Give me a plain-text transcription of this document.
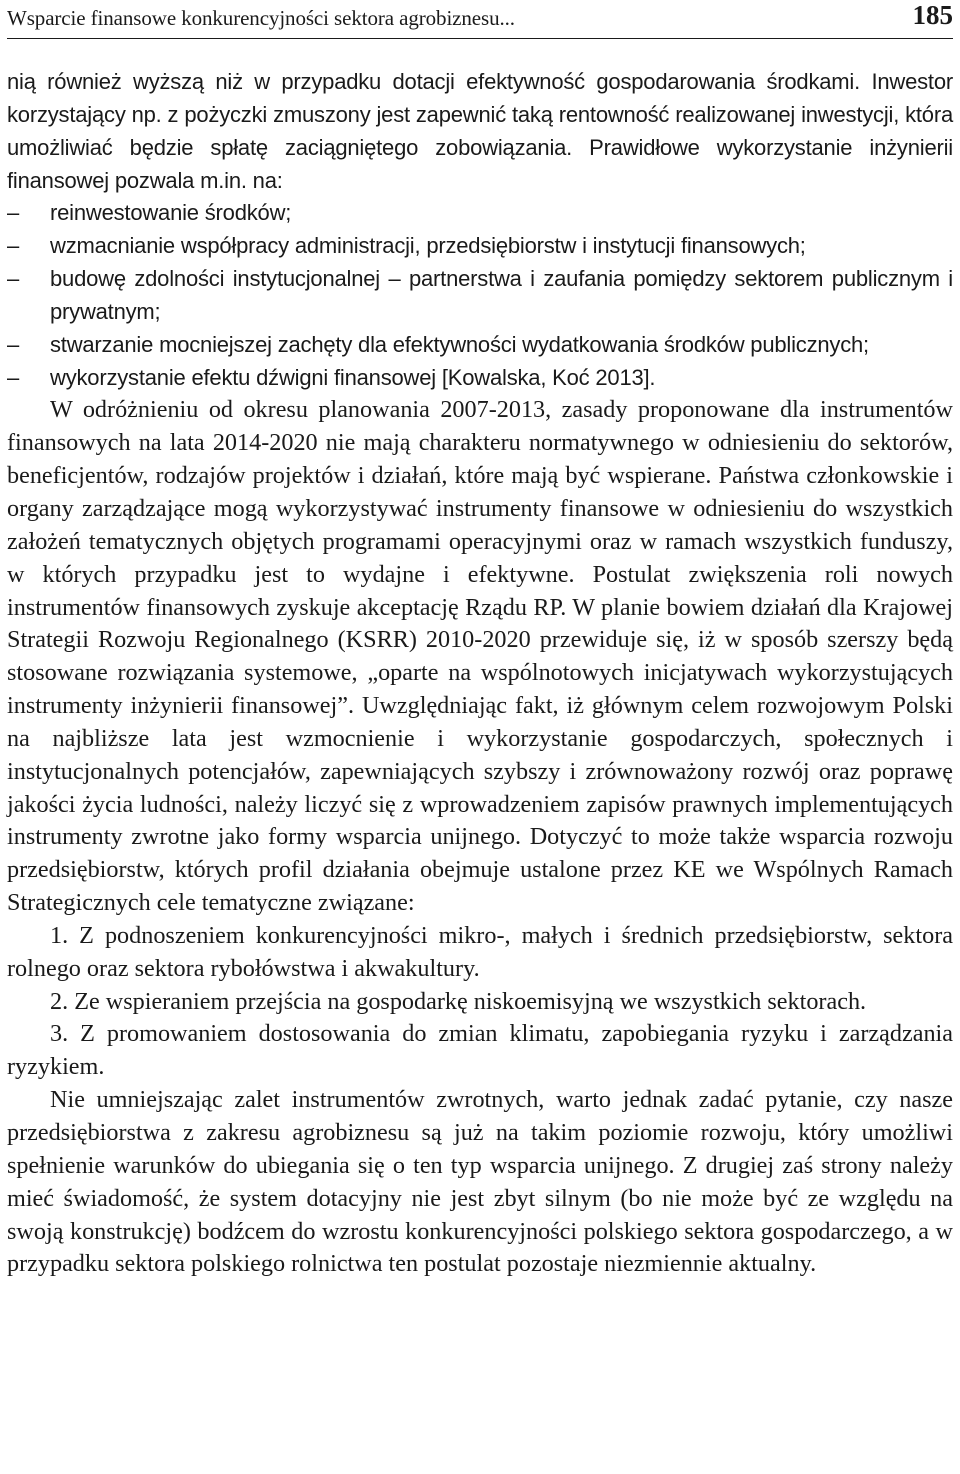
Wsparcie finansowe konkurencyjności sektora agrobiznesu...	185

nią również wyższą niż w przypadku dotacji efektywność gospodarowania środkami. Inwestor korzystający np. z pożyczki zmuszony jest zapewnić taką rentowność realizowanej inwestycji, która umożliwiać będzie spłatę zaciągniętego zobowiązania. Prawidłowe wykorzystanie inżynierii finansowej pozwala m.in. na:

–	reinwestowanie środków;
–	wzmacnianie współpracy administracji, przedsiębiorstw i instytucji finansowych;
–	budowę zdolności instytucjonalnej – partnerstwa i zaufania pomiędzy sektorem publicznym i prywatnym;
–	stwarzanie mocniejszej zachęty dla efektywności wydatkowania środków publicznych;
–	wykorzystanie efektu dźwigni finansowej [Kowalska, Koć 2013].

W odróżnieniu od okresu planowania 2007-2013, zasady proponowane dla instrumentów finansowych na lata 2014-2020 nie mają charakteru normatywnego w odniesieniu do sektorów, beneficjentów, rodzajów projektów i działań, które mają być wspierane. Państwa członkowskie i organy zarządzające mogą wykorzystywać instrumenty finansowe w odniesieniu do wszystkich założeń tematycznych objętych programami operacyjnymi oraz w ramach wszystkich funduszy, w których przypadku jest to wydajne i efektywne. Postulat zwiększenia roli nowych instrumentów finansowych zyskuje akceptację Rządu RP. W planie bowiem działań dla Krajowej Strategii Rozwoju Regionalnego (KSRR) 2010-2020 przewiduje się, iż w sposób szerszy będą stosowane rozwiązania systemowe, „oparte na wspólnotowych inicjatywach wykorzystujących instrumenty inżynierii finansowej”. Uwzględniając fakt, iż głównym celem rozwojowym Polski na najbliższe lata jest wzmocnienie i wykorzystanie gospodarczych, społecznych i instytucjonalnych potencjałów, zapewniających szybszy i zrównoważony rozwój oraz poprawę jakości życia ludności, należy liczyć się z wprowadzeniem zapisów prawnych implementujących instrumenty zwrotne jako formy wsparcia unijnego. Dotyczyć to może także wsparcia rozwoju przedsiębiorstw, których profil działania obejmuje ustalone przez KE we Wspólnych Ramach Strategicznych cele tematyczne związane:

1. Z podnoszeniem konkurencyjności mikro-, małych i średnich przedsiębiorstw, sektora rolnego oraz sektora rybołówstwa i akwakultury.

2. Ze wspieraniem przejścia na gospodarkę niskoemisyjną we wszystkich sektorach.

3. Z promowaniem dostosowania do zmian klimatu, zapobiegania ryzyku i zarządzania ryzykiem.

Nie umniejszając zalet instrumentów zwrotnych, warto jednak zadać pytanie, czy nasze przedsiębiorstwa z zakresu agrobiznesu są już na takim poziomie rozwoju, który umożliwi spełnienie warunków do ubiegania się o ten typ wsparcia unijnego. Z drugiej zaś strony należy mieć świadomość, że system dotacyjny nie jest zbyt silnym (bo nie może być ze względu na swoją konstrukcję) bodźcem do wzrostu konkurencyjności polskiego sektora gospodarczego, a w przypadku sektora polskiego rolnictwa ten postulat pozostaje niezmiennie aktualny.
